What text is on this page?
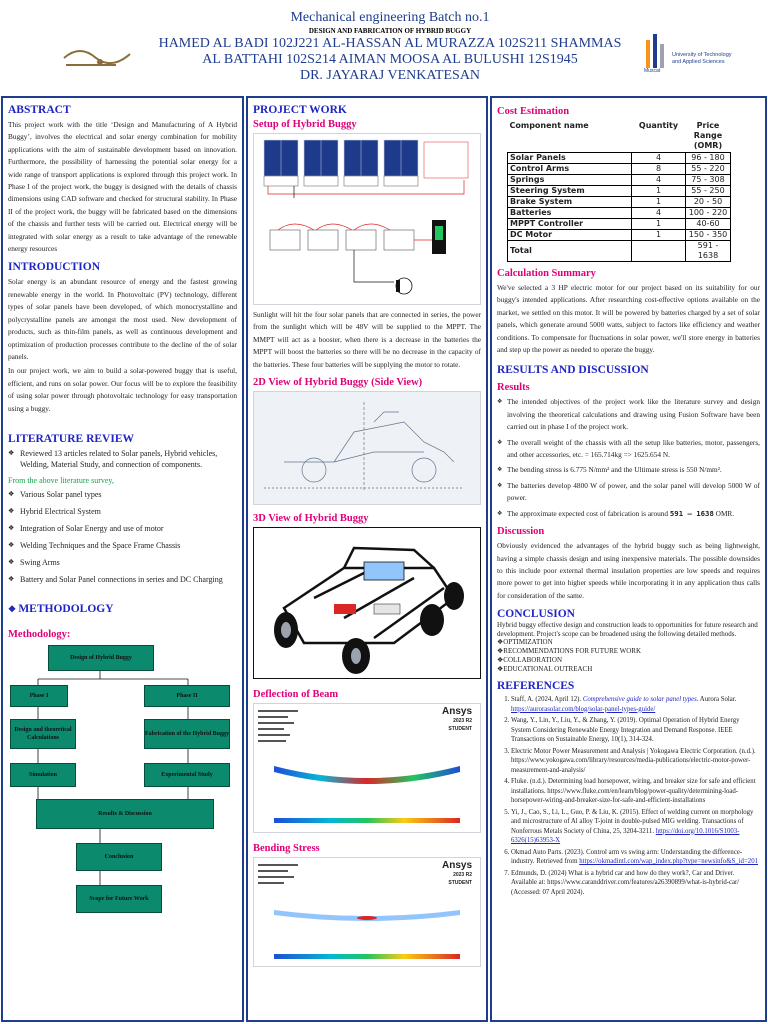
Mechanical engineering Batch no.1
DESIGN AND FABRICATION OF HYBRID BUGGY
HAMED AL BADI 102J221 AL-HASSAN AL MURAZZA 102S211 SHAMMAS
AL BATTAHI 102S214 AIMAN MOOSA AL BULUSHI 12S1945
DR. JAYARAJ VENKATESAN
University of Technology
and Applied Sciences
Muscat
ABSTRACT

This project work with the title ‘Design and Manufacturing of A Hybrid Buggy’, involves the electrical and solar energy combination for mobility applications with the aim of sustainable development based on innovation. Furthermore, the possibility of harnessing the potential solar energy for a wide range of transport applications is explored through this project work. In Phase I of the project work, the buggy is designed with the details of chassis dimensions using CAD software and checked for structural stability. In Phase II of the project work, the buggy will be fabricated based on the dimensions of the chassis and further tests will be carried out. Electrical energy will be integrated with solar energy as a result to take advantage of the renewable energy resources

INTRODUCTION

Solar energy is an abundant resource of energy and the fastest growing renewable energy in the world. In Photovoltaic (PV) technology, different types of solar panels have been developed, of which monocrystalline and polycrystalline panels are amongst the most used. New development of products, such as thin-film panels, as well as continuous development and optimization of production processes contribute to the decline of the of solar panels.

In our project work, we aim to build a solar-powered buggy that is useful, efficient, and runs on solar power. Our focus will be to explore the feasibility of using solar power through photovoltaic technology for easy transportation using a buggy.

LITERATURE REVIEW
❖ Reviewed 13 articles related to Solar panels, Hybrid vehicles, Welding, Material Study, and connection of components.
From the above literature survey,
❖ Various Solar panel types
❖ Hybrid Electrical System
❖ Integration of Solar Energy and use of motor
❖ Welding Techniques and the Space Frame Chassis
❖ Swing Arms
❖ Battery and Solar Panel connections in series and DC Charging
❖ METHODOLOGY
Methodology:
Design of Hybrid Buggy
Phase I	Phase II
Design and theoretical Calculations
Fabrication of the Hybrid Buggy
Simulation	Experimental Study
Results & Discussion
Conclusion
Scope for Future Work
PROJECT WORK
Setup of Hybrid Buggy

Sunlight will hit the four solar panels that are connected in series, the power from the sunlight which will be 48V will be supplied to the MPPT. The MMPT will act as a booster, when there is a decrease in the batteries the MPPT will boost the batteries so there will be no decrease in the capacity of the batteries. These four batteries will be supplying the motor to rotate.

2D View of Hybrid Buggy (Side View)
3D View of Hybrid Buggy
Deflection of Beam
Ansys
2023 R2
STUDENT
Bending Stress
Ansys
2023 R2
STUDENT
Cost Estimation
Component name	Quantity	Price Range (OMR)
Solar Panels	4	96 - 180
Control Arms	8	55 - 220
Springs	4	75 - 308
Steering System	1	55 - 250
Brake System	1	20 - 50
Batteries	4	100 - 220
MPPT Controller	1	40-60
DC Motor	1	150 - 350
Total		591 - 1638
Calculation Summary

We've selected a 3 HP electric motor for our project based on its suitability for our buggy's intended applications. After researching cost-effective options available on the market, we settled on this motor. It will be powered by batteries charged by a set of solar panels, which generate around 5000 watts, subject to factors like efficiency and weather conditions. To compensate for fluctuations in solar power, we'll store energy in batteries and step up the power as needed to operate the buggy.

RESULTS AND DISCUSSION
Results
❖ The intended objectives of the project work like the literature survey and design involving the theoretical calculations and drawing using Fusion Software have been carried out in phase I of the project work.
❖ The overall weight of the chassis with all the setup like batteries, motor, passengers, and other accessories, etc. = 165.714kg => 1625.654 N.
❖ The bending stress is 6.775 N/mm² and the Ultimate stress is 550 N/mm².
❖ The batteries develop 4800 W of power, and the solar panel will develop 5000 W of power.
❖ The approximate expected cost of fabrication is around 591 – 1638 OMR.
Discussion

Obviously evidenced the advantages of the hybrid buggy such as being lightweight, having a simple chassis design and using inexpensive materials. The possible downsides to this include poor external thermal insulation properties are low speeds and requires more power to get into higher speeds while incorporating it in any application thus calls for consideration of the same.

CONCLUSION
Hybrid buggy effective design and construction leads to opportunities for future research and development. Project's scope can be broadened using the following detailed methods.
❖OPTIMIZATION
❖RECOMMENDATIONS FOR FUTURE WORK
❖COLLABORATION
❖EDUCATIONAL OUTREACH
REFERENCES
1. Staff, A. (2024, April 12). Comprehensive guide to solar panel types. Aurora Solar. https://aurorasolar.com/blog/solar-panel-types-guide/
2. Wang, Y., Lin, Y., Liu, Y., & Zhang, Y. (2019). Optimal Operation of Hybrid Energy System Considering Renewable Energy Integration and Demand Response. IEEE Transactions on Sustainable Energy, 10(1), 314-324.
3. Electric Motor Power Measurement and Analysis | Yokogawa Electric Corporation. (n.d.). https://www.yokogawa.com/library/resources/media-publications/electric-motor-power-measurement-and-analysis/
4. Fluke. (n.d.). Determining load horsepower, wiring, and breaker size for safe and efficient installations. https://www.fluke.com/en/learn/blog/power-quality/determining-load-horsepower-wiring-and-breaker-size-for-safe-and-efficient-installations
5. Yi, J., Cao, S., Li, L., Guo, P. & Liu, K. (2015). Effect of welding current on morphology and microstructure of Al alloy T-joint in double-pulsed MIG welding. Transactions of Nonferrous Metals Society of China, 25, 3204-3211. https://doi.org/10.1016/S1003-6326(15)63953-X
6. Okmad Auto Parts. (2023). Control arm vs swing arm: Understanding the difference-industry. Retrieved from https://okmadintl.com/wap_index.php?type=newsinfo&S_id=201
7. Edmunds, D. (2024) What is a hybrid car and how do they work?, Car and Driver. Available at: https://www.caranddriver.com/features/a26390899/what-is-hybrid-car/ (Accessed: 07 April 2024).
